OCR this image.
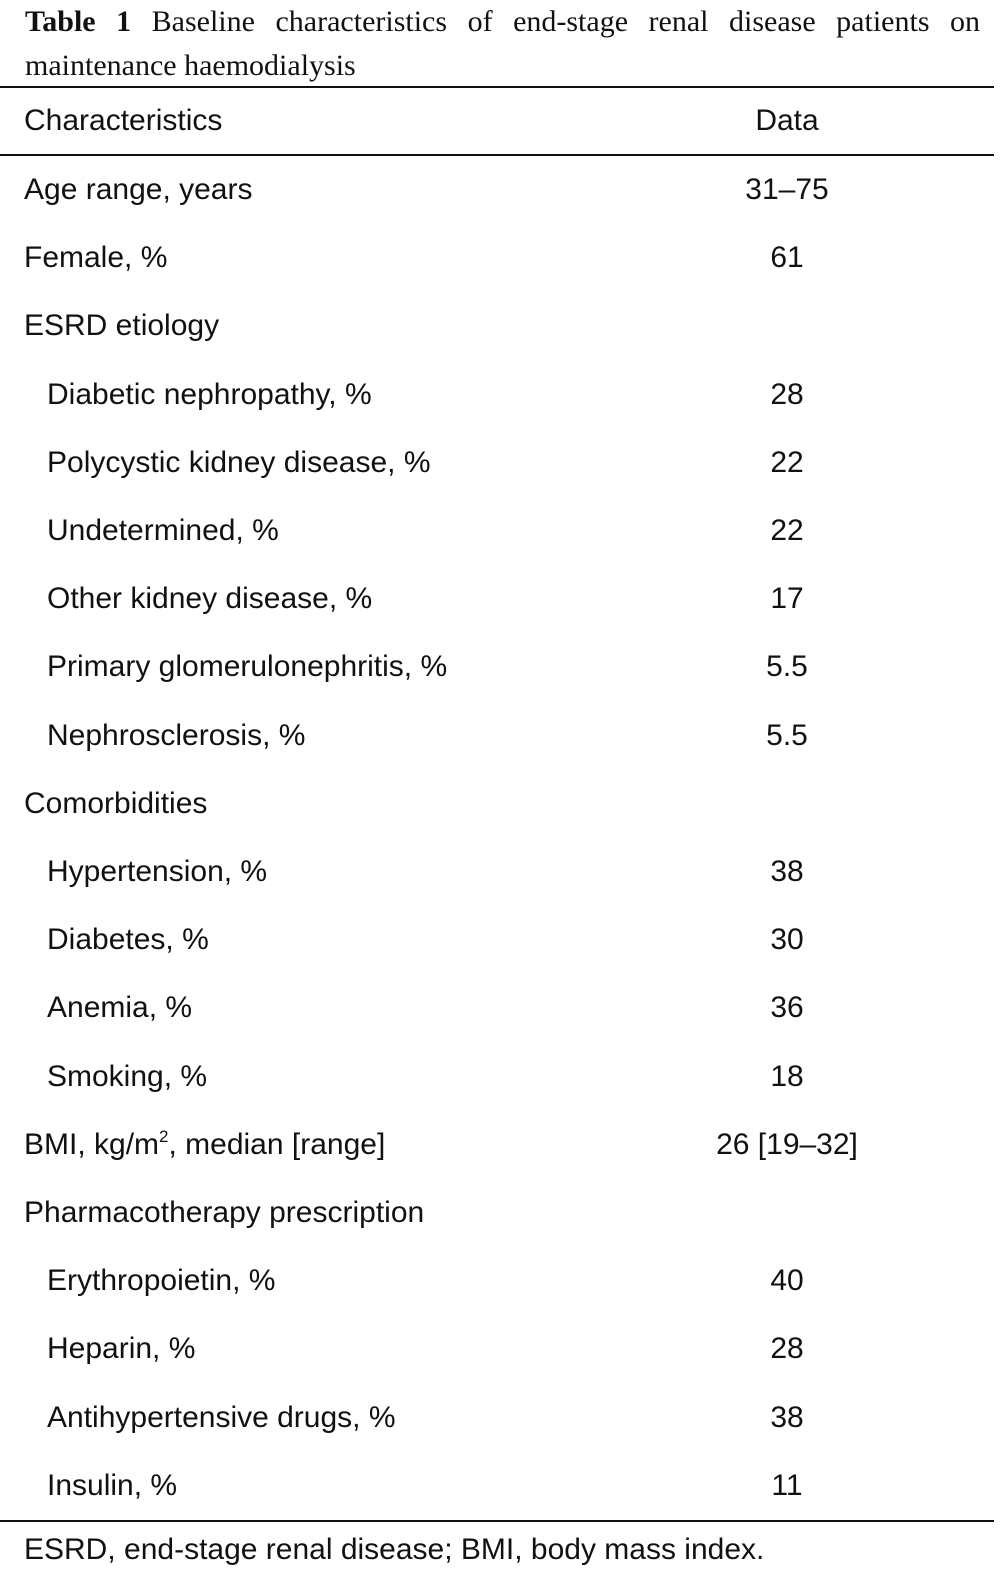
Table 1 Baseline characteristics of end-stage renal disease patients on maintenance haemodialysis
Characteristics	Data
Age range, years	31–75
Female, %	61
ESRD etiology
Diabetic nephropathy, %	28
Polycystic kidney disease, %	22
Undetermined, %	22
Other kidney disease, %	17
Primary glomerulonephritis, %	5.5
Nephrosclerosis, %	5.5
Comorbidities
Hypertension, %	38
Diabetes, %	30
Anemia, %	36
Smoking, %	18
BMI, $kg/m^2$, median [range]	26 [19–32]
Pharmacotherapy prescription
Erythropoietin, %	40
Heparin, %	28
Antihypertensive drugs, %	38
Insulin, %	11
ESRD, end-stage renal disease; BMI, body mass index.
